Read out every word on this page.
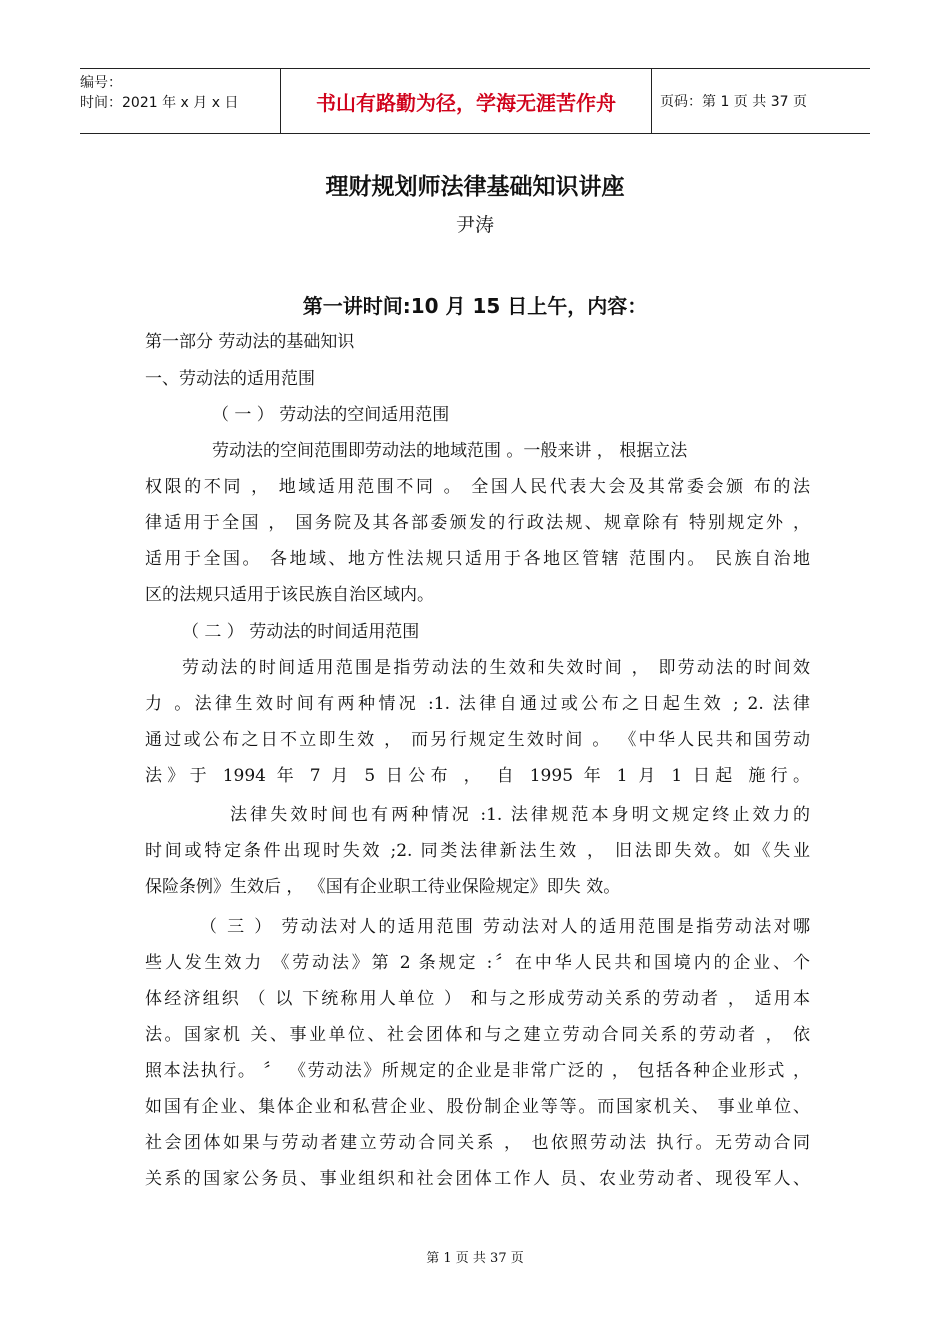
编号：
时间：2021 年 x 月 x 日	书山有路勤为径，学海无涯苦作舟	页码：第 1 页 共 37 页
理财规划师法律基础知识讲座
尹涛
第一讲时间:10 月 15 日上午，内容：
第一部分 劳动法的基础知识
一、劳动法的适用范围
（ 一 ） 劳动法的空间适用范围
劳动法的空间范围即劳动法的地域范围 。一般来讲 ， 根据立法
权限的不同 ， 地域适用范围不同 。 全国人民代表大会及其常委会颁 布的法
律适用于全国 ， 国务院及其各部委颁发的行政法规、规章除有 特别规定外 ，
适用于全国。 各地域、地方性法规只适用于各地区管辖 范围内。 民族自治地
区的法规只适用于该民族自治区域内。
（ 二 ） 劳动法的时间适用范围
劳动法的时间适用范围是指劳动法的生效和失效时间 ， 即劳动法的时间效
力 。法律生效时间有两种情况 :1. 法律自通过或公布之日起生效 ; 2. 法律
通过或公布之日不立即生效 ， 而另行规定生效时间 。 《中华人民共和国劳动
法》于 1994 年 7 月 5 日公布 ， 自 1995 年 1 月 1 日起 施行。
法律失效时间也有两种情况 :1. 法律规范本身明文规定终止效力的
时间或特定条件出现时失效 ;2. 同类法律新法生效 ， 旧法即失效。如《失业
保险条例》生效后 ， 《国有企业职工待业保险规定》即失 效。
（ 三 ） 劳动法对人的适用范围 劳动法对人的适用范围是指劳动法对哪
些人发生效力 《劳动法》第 2 条规定 :〞在中华人民共和国境内的企业、个
体经济组织 （ 以 下统称用人单位 ） 和与之形成劳动关系的劳动者 ， 适用本
法。国家机 关、事业单位、社会团体和与之建立劳动合同关系的劳动者 ， 依
照本法执行。 〞 《劳动法》所规定的企业是非常广泛的 ， 包括各种企业形式 ，
如国有企业、集体企业和私营企业、股份制企业等等。而国家机关、 事业单位、
社会团体如果与劳动者建立劳动合同关系 ， 也依照劳动法 执行。无劳动合同
关系的国家公务员、事业组织和社会团体工作人 员、农业劳动者、现役军人、
第 1 页 共 37 页
